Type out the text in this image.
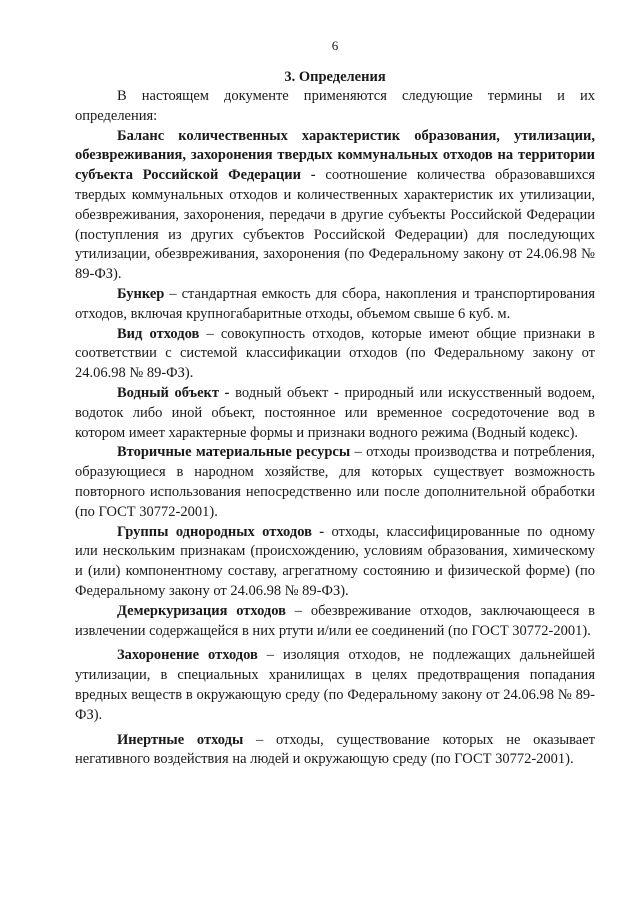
6
3. Определения

В настоящем документе применяются следующие термины и их определения:

Баланс количественных характеристик образования, утилизации, обезвреживания, захоронения твердых коммунальных отходов на территории субъекта Российской Федерации - соотношение количества образовавшихся твердых коммунальных отходов и количественных характеристик их утилизации, обезвреживания, захоронения, передачи в другие субъекты Российской Федерации (поступления из других субъектов Российской Федерации) для последующих утилизации, обезвреживания, захоронения (по Федеральному закону от 24.06.98 № 89-ФЗ).

Бункер – стандартная емкость для сбора, накопления и транспортирования отходов, включая крупногабаритные отходы, объемом свыше 6 куб. м.

Вид отходов – совокупность отходов, которые имеют общие признаки в соответствии с системой классификации отходов (по Федеральному закону от 24.06.98 № 89-ФЗ).

Водный объект - водный объект - природный или искусственный водоем, водоток либо иной объект, постоянное или временное сосредоточение вод в котором имеет характерные формы и признаки водного режима (Водный кодекс).

Вторичные материальные ресурсы – отходы производства и потребления, образующиеся в народном хозяйстве, для которых существует возможность повторного использования непосредственно или после дополнительной обработки (по ГОСТ 30772-2001).

Группы однородных отходов - отходы, классифицированные по одному или нескольким признакам (происхождению, условиям образования, химическому и (или) компонентному составу, агрегатному состоянию и физической форме) (по Федеральному закону от 24.06.98 № 89-ФЗ).

Демеркуризация отходов – обезвреживание отходов, заключающееся в извлечении содержащейся в них ртути и/или ее соединений (по ГОСТ 30772-2001).

Захоронение отходов – изоляция отходов, не подлежащих дальнейшей утилизации, в специальных хранилищах в целях предотвращения попадания вредных веществ в окружающую среду (по Федеральному закону от 24.06.98 № 89-ФЗ).

Инертные отходы – отходы, существование которых не оказывает негативного воздействия на людей и окружающую среду (по ГОСТ 30772-2001).
